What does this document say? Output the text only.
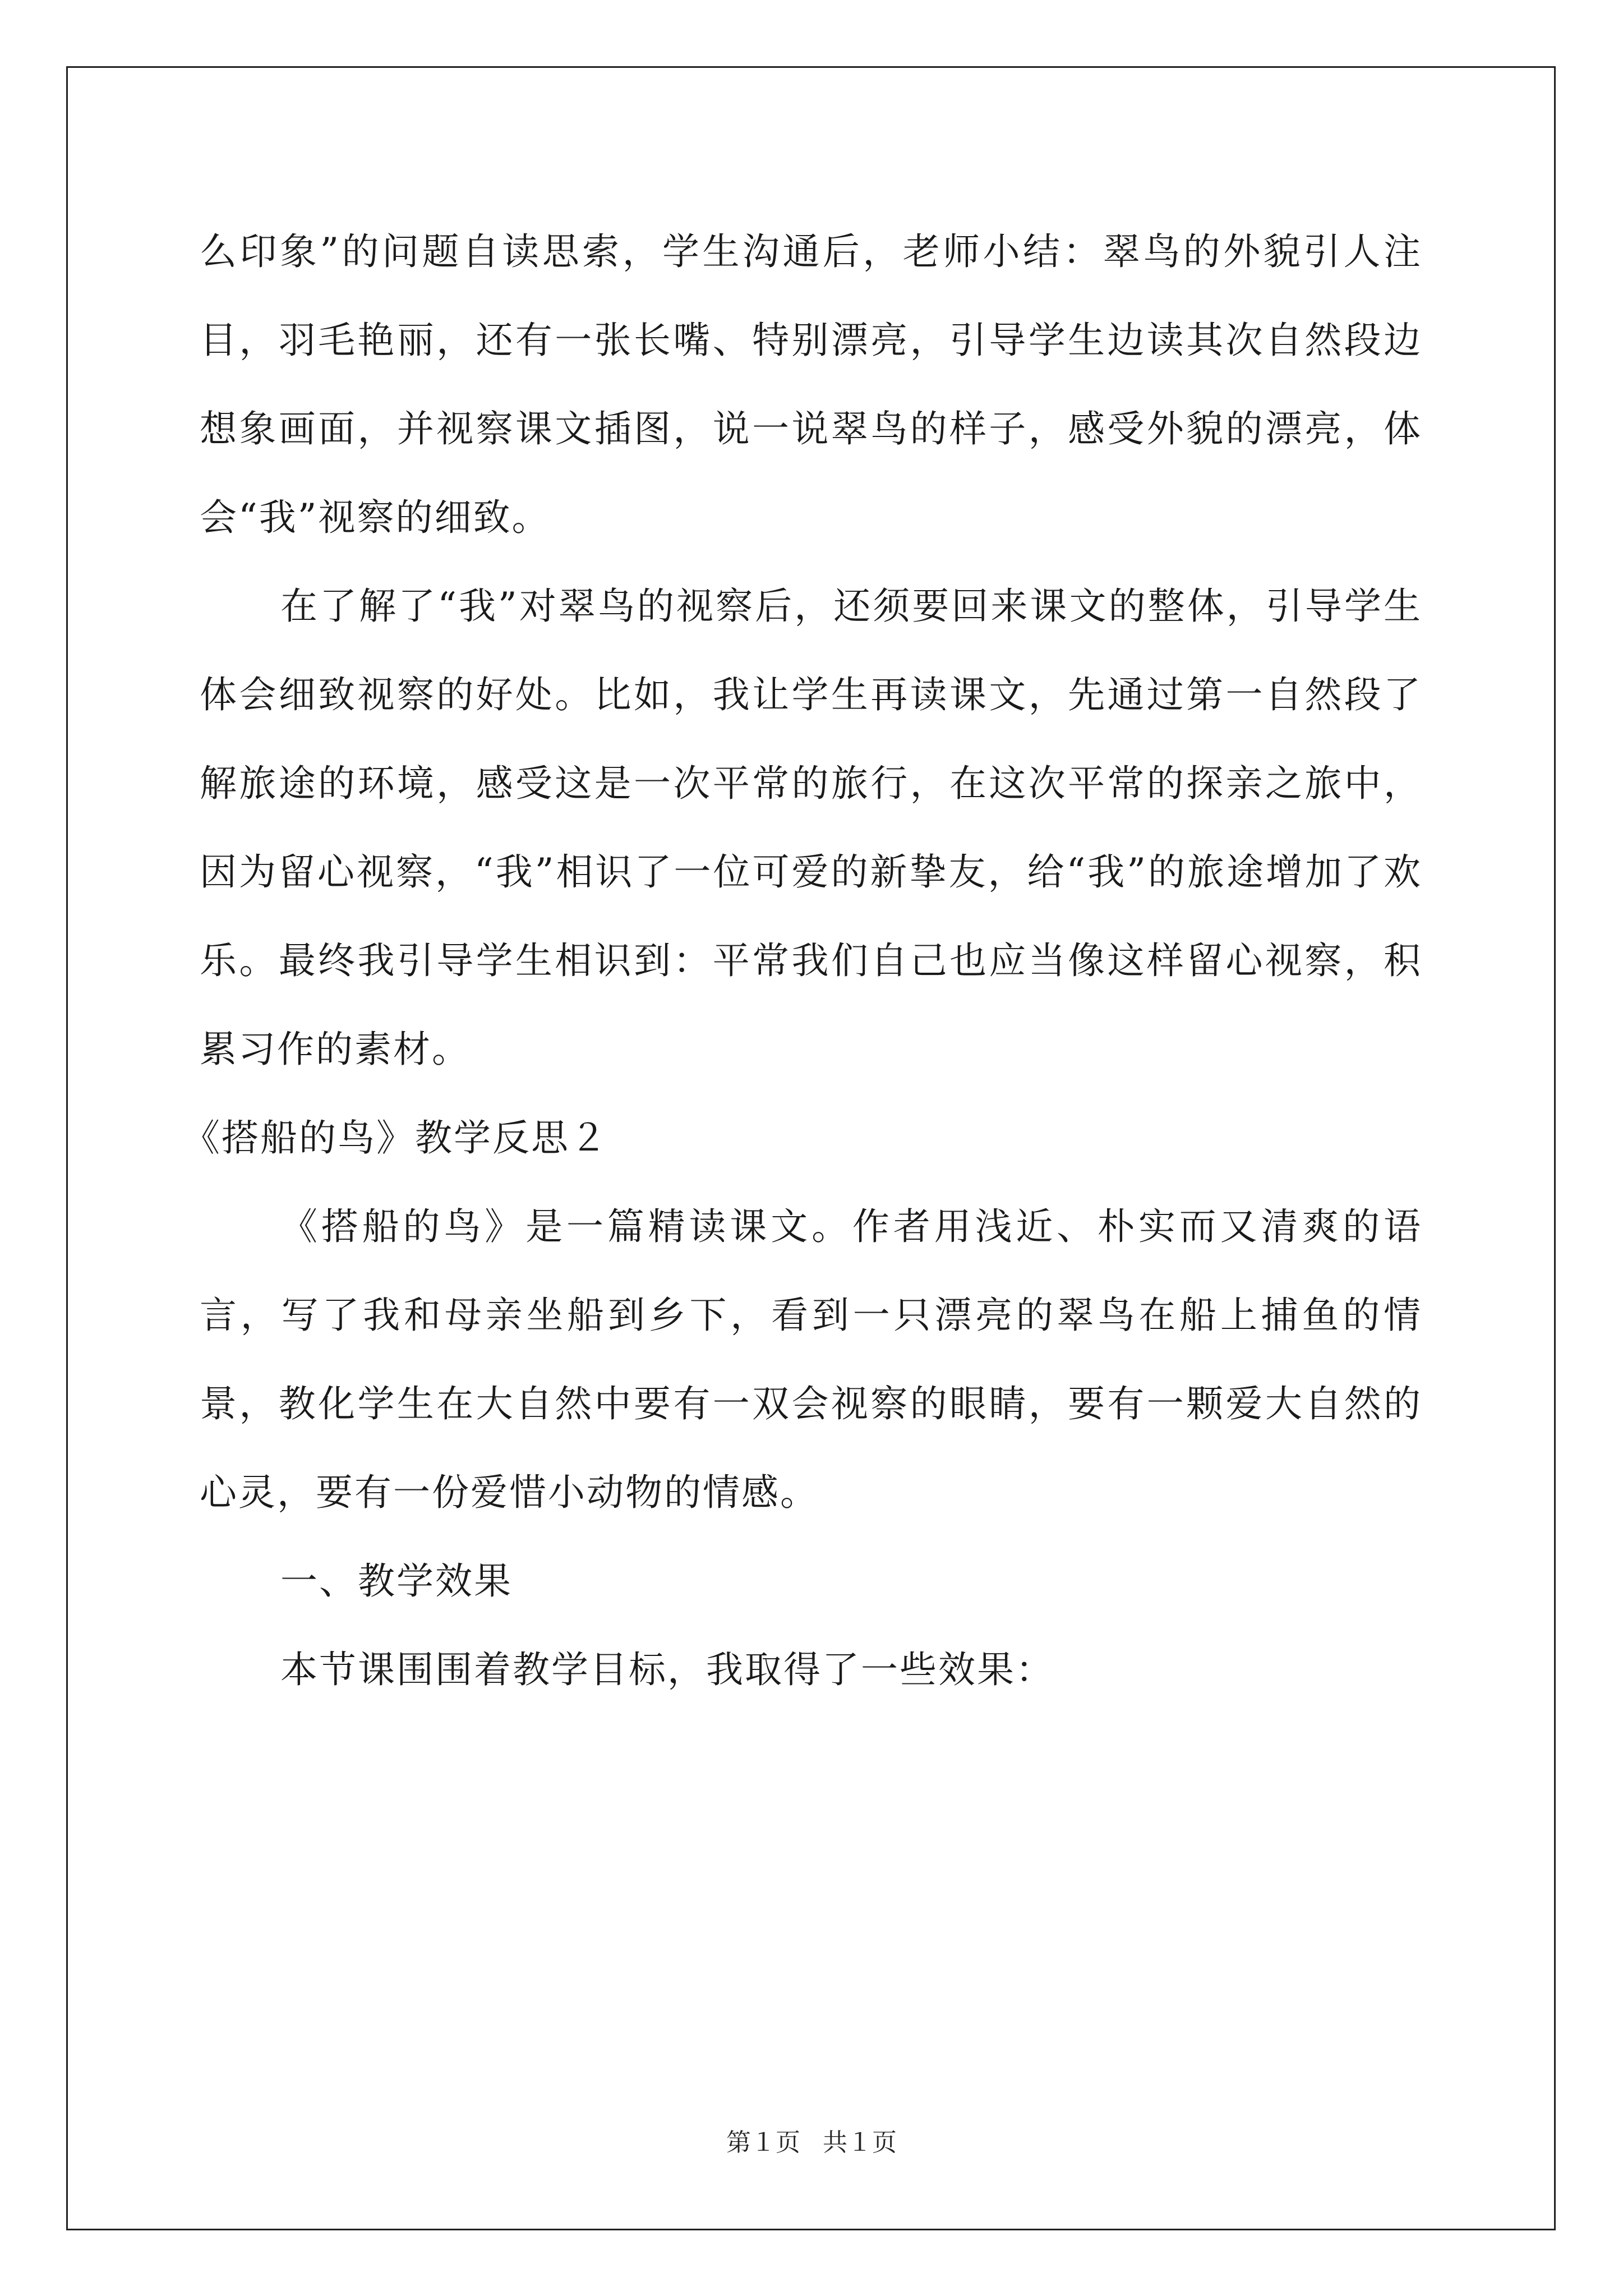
么印象”的问题自读思索，学生沟通后，老师小结：翠鸟的外貌引人注目，羽毛艳丽，还有一张长嘴、特别漂亮，引导学生边读其次自然段边想象画面，并视察课文插图，说一说翠鸟的样子，感受外貌的漂亮，体会“我”视察的细致。

在了解了“我”对翠鸟的视察后，还须要回来课文的整体，引导学生体会细致视察的好处。比如，我让学生再读课文，先通过第一自然段了解旅途的环境，感受这是一次平常的旅行，在这次平常的探亲之旅中，因为留心视察，“我”相识了一位可爱的新挚友，给“我”的旅途增加了欢乐。最终我引导学生相识到：平常我们自己也应当像这样留心视察，积累习作的素材。

《搭船的鸟》教学反思２

《搭船的鸟》是一篇精读课文。作者用浅近、朴实而又清爽的语言，写了我和母亲坐船到乡下，看到一只漂亮的翠鸟在船上捕鱼的情景，教化学生在大自然中要有一双会视察的眼睛，要有一颗爱大自然的心灵，要有一份爱惜小动物的情感。

一、教学效果

本节课围围着教学目标，我取得了一些效果：

第１页 共１页
